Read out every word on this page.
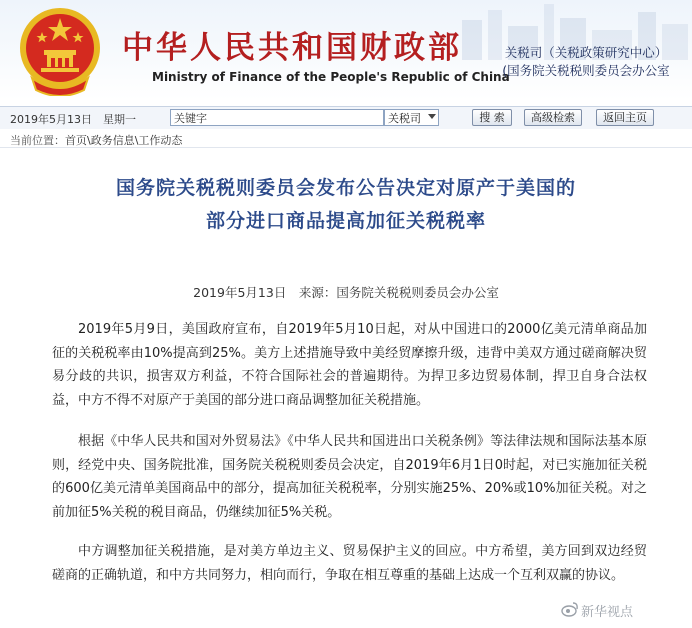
中华人民共和国财政部
Ministry of Finance of the People's Republic of China
关税司（关税政策研究中心）
(国务院关税税则委员会办公室
2019年5月13日　星期一
关键字	关税司	搜 索	高级检索	返回主页
当前位置：首页\政务信息\工作动态
国务院关税税则委员会发布公告决定对原产于美国的
部分进口商品提高加征关税税率
2019年5月13日　来源：国务院关税税则委员会办公室
2019年5月9日，美国政府宣布，自2019年5月10日起，对从中国进口的2000亿美元清单商品加征的关税税率由10%提高到25%。美方上述措施导致中美经贸摩擦升级，违背中美双方通过磋商解决贸易分歧的共识，损害双方利益，不符合国际社会的普遍期待。为捍卫多边贸易体制，捍卫自身合法权益，中方不得不对原产于美国的部分进口商品调整加征关税措施。
根据《中华人民共和国对外贸易法》《中华人民共和国进出口关税条例》等法律法规和国际法基本原则，经党中央、国务院批准，国务院关税税则委员会决定，自2019年6月1日0时起，对已实施加征关税的600亿美元清单美国商品中的部分，提高加征关税税率，分别实施25%、20%或10%加征关税。对之前加征5%关税的税目商品，仍继续加征5%关税。
中方调整加征关税措施，是对美方单边主义、贸易保护主义的回应。中方希望，美方回到双边经贸磋商的正确轨道，和中方共同努力，相向而行，争取在相互尊重的基础上达成一个互利双赢的协议。
新华视点
